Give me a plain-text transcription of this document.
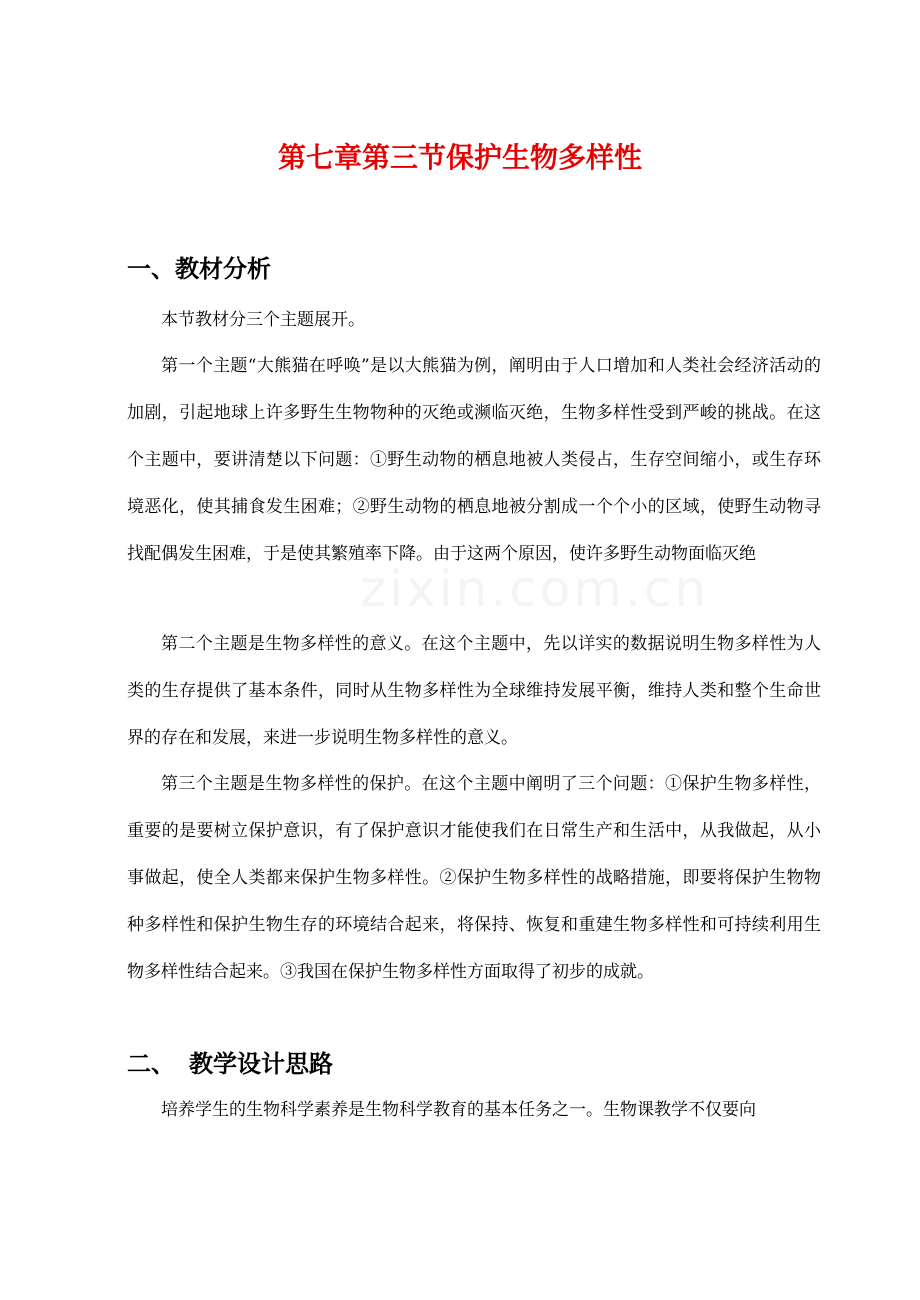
第七章第三节保护生物多样性
一、教材分析

本节教材分三个主题展开。

第一个主题“大熊猫在呼唤”是以大熊猫为例，阐明由于人口增加和人类社会经济活动的加剧，引起地球上许多野生生物物种的灭绝或濒临灭绝，生物多样性受到严峻的挑战。在这个主题中，要讲清楚以下问题：①野生动物的栖息地被人类侵占，生存空间缩小，或生存环境恶化，使其捕食发生困难；②野生动物的栖息地被分割成一个个小的区域，使野生动物寻找配偶发生困难，于是使其繁殖率下降。由于这两个原因，使许多野生动物面临灭绝

第二个主题是生物多样性的意义。在这个主题中，先以详实的数据说明生物多样性为人类的生存提供了基本条件，同时从生物多样性为全球维持发展平衡，维持人类和整个生命世界的存在和发展，来进一步说明生物多样性的意义。

第三个主题是生物多样性的保护。在这个主题中阐明了三个问题：①保护生物多样性，重要的是要树立保护意识，有了保护意识才能使我们在日常生产和生活中，从我做起，从小事做起，使全人类都来保护生物多样性。②保护生物多样性的战略措施，即要将保护生物物种多样性和保护生物生存的环境结合起来，将保持、恢复和重建生物多样性和可持续利用生物多样性结合起来。③我国在保护生物多样性方面取得了初步的成就。

二、 教学设计思路

培养学生的生物科学素养是生物科学教育的基本任务之一。生物课教学不仅要向
